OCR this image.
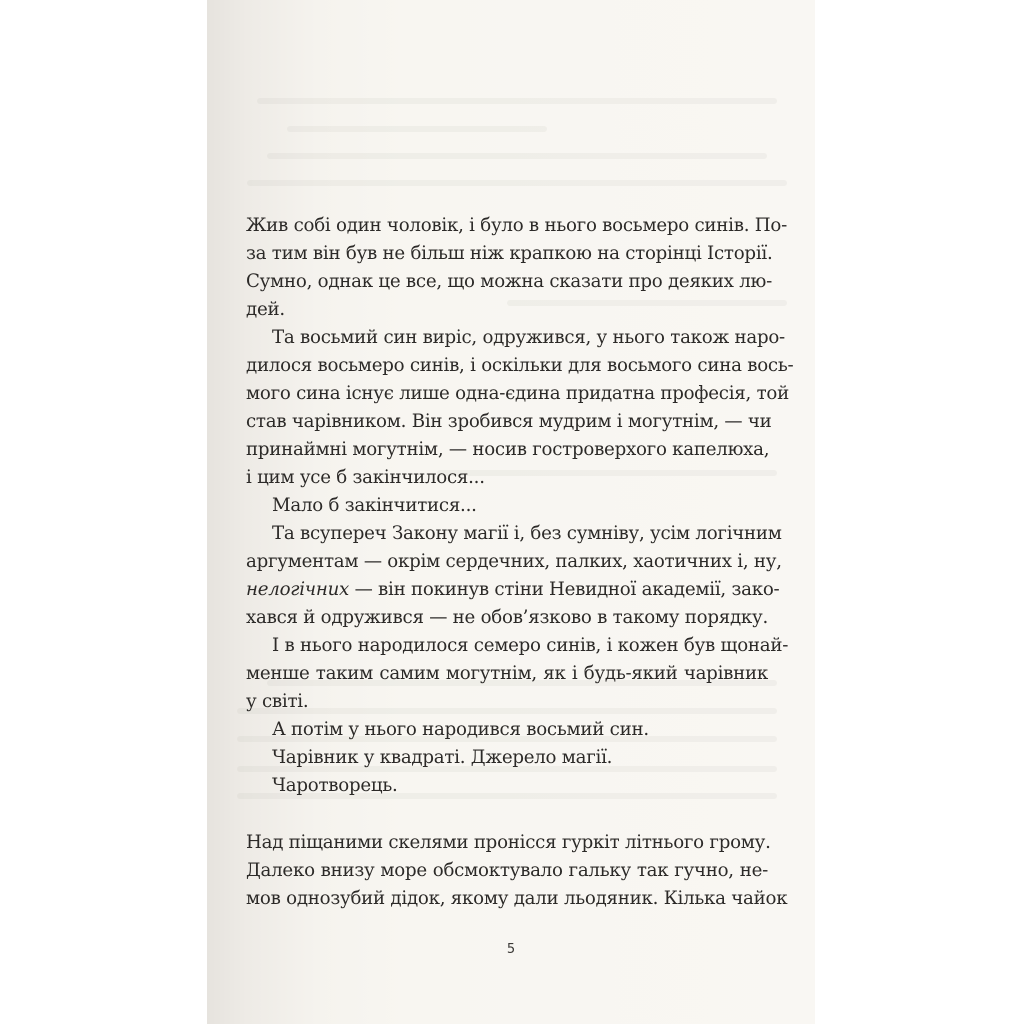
Жив собі один чоловік, і було в нього восьмеро синів. По-
за тим він був не більш ніж крапкою на сторінці Історії.
Сумно, однак це все, що можна сказати про деяких лю-
дей.
Та восьмий син виріс, одружився, у нього також наро-
дилося восьмеро синів, і оскільки для восьмого сина вось-
мого сина існує лише одна-єдина придатна професія, той
став чарівником. Він зробився мудрим і могутнім, — чи
принаймні могутнім, — носив гостроверхого капелюха,
і цим усе б закінчилося...
Мало б закінчитися...
Та всупереч Закону магії і, без сумніву, усім логічним
аргументам — окрім сердечних, палких, хаотичних і, ну,
нелогічних — він покинув стіни Невидної академії, зако-
хався й одружився — не обов’язково в такому порядку.
І в нього народилося семеро синів, і кожен був щонай-
менше таким самим могутнім, як і будь-який чарівник
у світі.
А потім у нього народився восьмий син.
Чарівник у квадраті. Джерело магії.
Чаротворець.
Над піщаними скелями пронісся гуркіт літнього грому.
Далеко внизу море обсмоктувало гальку так гучно, не-
мов однозубий дідок, якому дали льодяник. Кілька чайок
5
